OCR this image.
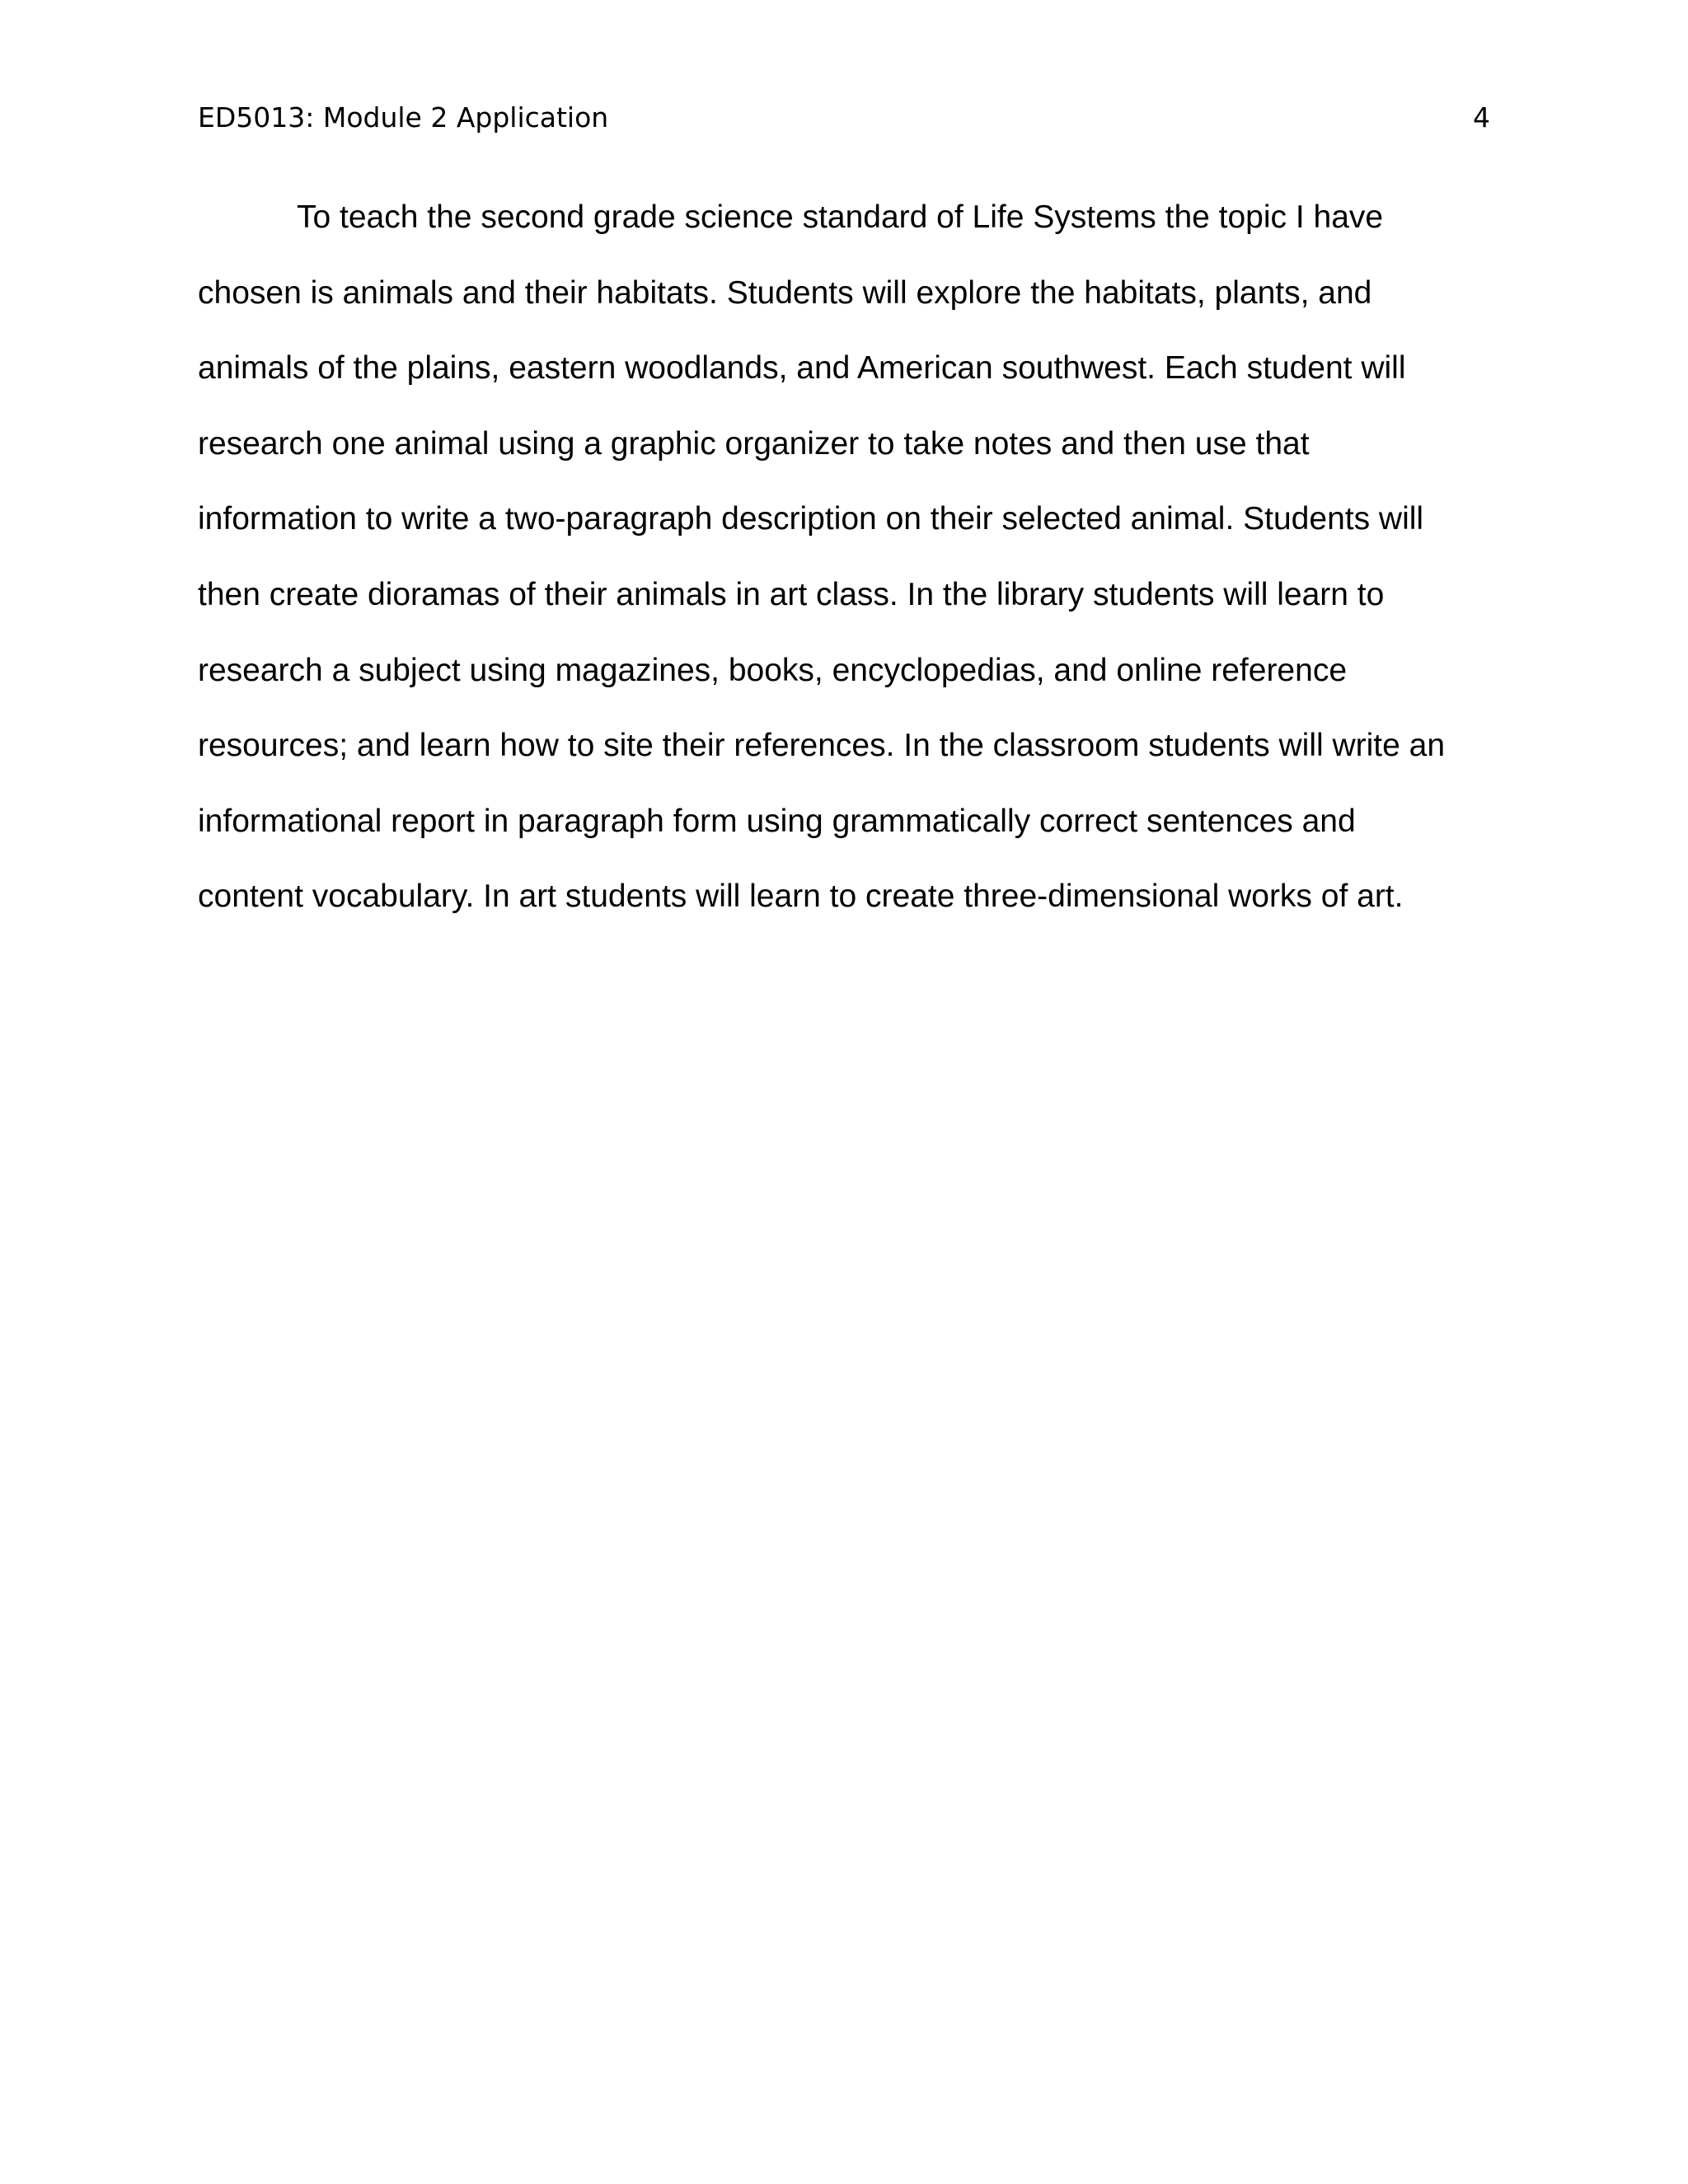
ED5013: Module 2 Application	4
To teach the second grade science standard of Life Systems the topic I have
chosen is animals and their habitats. Students will explore the habitats, plants, and
animals of the plains, eastern woodlands, and American southwest. Each student will
research one animal using a graphic organizer to take notes and then use that
information to write a two-paragraph description on their selected animal. Students will
then create dioramas of their animals in art class. In the library students will learn to
research a subject using magazines, books, encyclopedias, and online reference
resources; and learn how to site their references. In the classroom students will write an
informational report in paragraph form using grammatically correct sentences and
content vocabulary. In art students will learn to create three-dimensional works of art.
